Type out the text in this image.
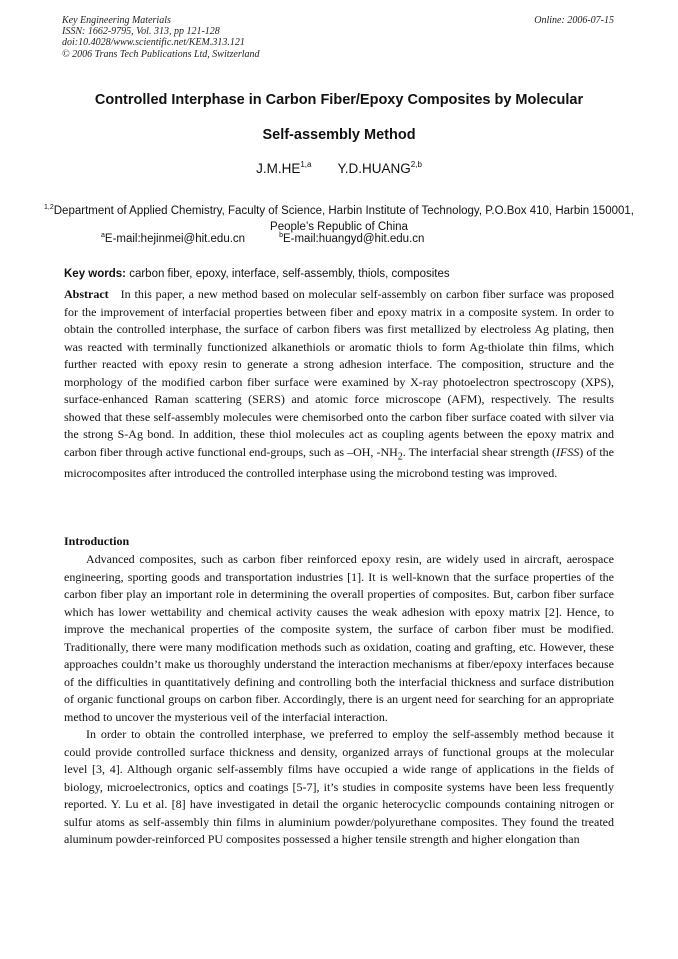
Key Engineering Materials
ISSN: 1662-9795, Vol. 313, pp 121-128
doi:10.4028/www.scientific.net/KEM.313.121
© 2006 Trans Tech Publications Ltd, Switzerland
Online: 2006-07-15
Controlled Interphase in Carbon Fiber/Epoxy Composites by Molecular
Self-assembly Method
J.M.HE$^{1,a}$ Y.D.HUANG$^{2,b}$
$^{1,2}$Department of Applied Chemistry, Faculty of Science, Harbin Institute of Technology, P.O.Box 410, Harbin 150001, People’s Republic of China
$^a$E-mail:hejinmei@hit.edu.cn	$^b$E-mail:huangyd@hit.edu.cn
Key words: carbon fiber, epoxy, interface, self-assembly, thiols, composites

Abstract In this paper, a new method based on molecular self-assembly on carbon fiber surface was proposed for the improvement of interfacial properties between fiber and epoxy matrix in a composite system. In order to obtain the controlled interphase, the surface of carbon fibers was first metallized by electroless Ag plating, then was reacted with terminally functionized alkanethiols or aromatic thiols to form Ag-thiolate thin films, which further reacted with epoxy resin to generate a strong adhesion interface. The composition, structure and the morphology of the modified carbon fiber surface were examined by X-ray photoelectron spectroscopy (XPS), surface-enhanced Raman scattering (SERS) and atomic force microscope (AFM), respectively. The results showed that these self-assembly molecules were chemisorbed onto the carbon fiber surface coated with silver via the strong S-Ag bond. In addition, these thiol molecules act as coupling agents between the epoxy matrix and carbon fiber through active functional end-groups, such as –OH, $-NH_2$. The interfacial shear strength (IFSS) of the microcomposites after introduced the controlled interphase using the microbond testing was improved.

Introduction

Advanced composites, such as carbon fiber reinforced epoxy resin, are widely used in aircraft, aerospace engineering, sporting goods and transportation industries [1]. It is well-known that the surface properties of the carbon fiber play an important role in determining the overall properties of composites. But, carbon fiber surface which has lower wettability and chemical activity causes the weak adhesion with epoxy matrix [2]. Hence, to improve the mechanical properties of the composite system, the surface of carbon fiber must be modified. Traditionally, there were many modification methods such as oxidation, coating and grafting, etc. However, these approaches couldn’t make us thoroughly understand the interaction mechanisms at fiber/epoxy interfaces because of the difficulties in quantitatively defining and controlling both the interfacial thickness and surface distribution of organic functional groups on carbon fiber. Accordingly, there is an urgent need for searching for an appropriate method to uncover the mysterious veil of the interfacial interaction.

In order to obtain the controlled interphase, we preferred to employ the self-assembly method because it could provide controlled surface thickness and density, organized arrays of functional groups at the molecular level [3, 4]. Although organic self-assembly films have occupied a wide range of applications in the fields of biology, microelectronics, optics and coatings [5-7], it’s studies in composite systems have been less frequently reported. Y. Lu et al. [8] have investigated in detail the organic heterocyclic compounds containing nitrogen or sulfur atoms as self-assembly thin films in aluminium powder/polyurethane composites. They found the treated aluminum powder-reinforced PU composites possessed a higher tensile strength and higher elongation than
